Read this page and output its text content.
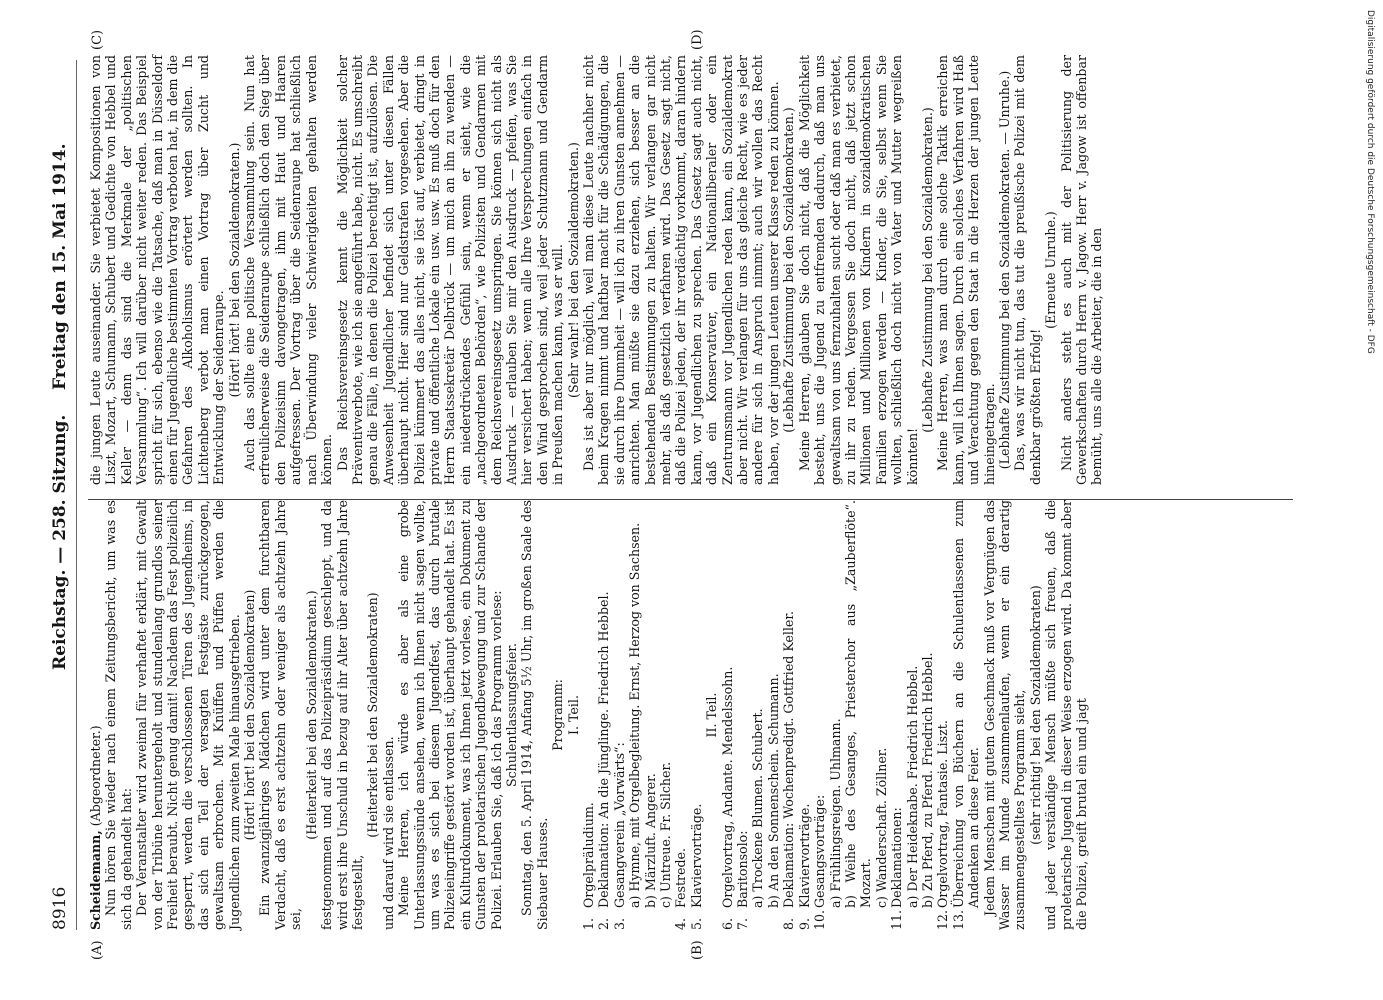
8916
Reichstag. — 258. Sitzung.
Freitag den 15. Mai 1914.
(A)	(B)
(C)	(D)

Scheidemann, (Abgeordneter.) Nun hören Sie wieder nach einem Zeitungsbericht, um was es sich da gehandelt hat: Der Veranstalter wird zweimal für verhaftet erklärt, mit Gewalt von der Tribüne heruntergeholt und stundenlang grundlos seiner Freiheit beraubt. Nicht genug damit! Nachdem das Fest polizeilich gesperrt, werden die verschlossenen Türen des Jugendheims, in das sich ein Teil der versagten Festgäste zurückgezogen, gewaltsam erbrochen. Mit Knüffen und Püffen werden die Jugendlichen zum zweiten Male hinausgetrieben. (Hört! hört! bei den Sozialdemokraten) Ein zwanzigjähriges Mädchen wird unter dem furchtbaren Verdacht, daß es erst achtzehn oder weniger als achtzehn Jahre sei,

(Heiterkeit bei den Sozialdemokraten.) festgenommen und auf das Polizeipräsidium geschleppt, und da wird erst ihre Unschuld in bezug auf ihr Alter über achtzehn Jahre festgestellt,

(Heiterkeit bei den Sozialdemokraten) und darauf wird sie entlassen. Meine Herren, ich würde es aber als eine grobe Unterlassungssünde ansehen, wenn ich Ihnen nicht sagen wollte, um was es sich bei diesem Jugendfest, das durch brutale Polizeieingriffe gestört worden ist, überhaupt gehandelt hat. Es ist ein Kulturdokument, was ich Ihnen jetzt vorlese, ein Dokument zu Gunsten der proletarischen Jugendbewegung und zur Schande der Polizei. Erlauben Sie, daß ich das Programm vorlese: Schulentlassungsfeier. Sonntag, den 5. April 1914, Anfang 5½ Uhr, im großen Saale des Siebauer Hauses.

Programm: I. Teil.

1.
Orgelpräludium.
2.
Deklamation: An die Jünglinge. Friedrich Hebbel.
3.
Gesangverein „Vorwärts“: a) Hymne, mit Orgelbegleitung. Ernst, Herzog von Sachsen. b) Märzluft. Angerer. c) Untreue. Fr. Silcher.
4.
Festrede.
5.
Klaviervorträge.

II. Teil.

6.
Orgelvortrag, Andante. Mendelssohn.
7.
Baritonsolo: a) Trockene Blumen. Schubert. b) An den Sonnenschein. Schumann.
8.
Deklamation: Wochenpredigt. Gottfried Keller.
9.
Klaviervorträge.
10.
Gesangsvorträge: a) Frühlingsreigen. Uhlmann. b) Weihe des Gesanges, Priesterchor aus „Zauberflöte“. Mozart. c) Wanderschaft. Zöllner.
11.
Deklamationen: a) Der Heideknabe. Friedrich Hebbel. b) Zu Pferd, zu Pferd. Friedrich Hebbel.
12.
Orgelvortrag, Fantasie. Liszt.
13.
Überreichung von Büchern an die Schulentlassenen zum Andenken an diese Feier. Jedem Menschen mit gutem Geschmack muß vor Vergnügen das Wasser im Munde zusammenlaufen, wenn er ein derartig zusammengestelltes Programm sieht, (sehr richtig! bei den Sozialdemokraten) und jeder verständige Mensch müßte sich freuen, daß die proletarische Jugend in dieser Weise erzogen wird. Da kommt aber die Polizei, greift brutal ein und jagt

die jungen Leute auseinander. Sie verbietet Kompositionen von Liszt, Mozart, Schumann, Schubert und Gedichte von Hebbel und Keller — denn das sind die Merkmale der „politischen Versammlung“. Ich will darüber nicht weiter reden. Das Beispiel spricht für sich, ebenso wie die Tatsache, daß man in Düsseldorf einen für Jugendliche bestimmten Vortrag verboten hat, in dem die Gefahren des Alkoholismus erörtert werden sollten. In Lichtenberg verbot man einen Vortrag über Zucht und Entwicklung der Seidenraupe. (Hört! hört! bei den Sozialdemokraten.) Auch das sollte eine politische Versammlung sein. Nun hat erfreulicherweise die Seidenraupe schließlich doch den Sieg über den Polizeisinn davongetragen, ihm mit Haut und Haaren aufgefressen. Der Vortrag über die Seidenraupe hat schließlich nach Überwindung vieler Schwierigkeiten gehalten werden können. Das Reichsvereinsgesetz kennt die Möglichkeit solcher Präventivverbote, wie ich sie angeführt habe, nicht. Es umschreibt genau die Fälle, in denen die Polizei berechtigt ist, aufzulösen. Die Anwesenheit Jugendlicher befindet sich unter diesen Fällen überhaupt nicht. Hier sind nur Geldstrafen vorgesehen. Aber die Polizei kümmert das alles nicht, sie löst auf, verbietet, dringt in private und öffentliche Lokale ein usw. usw. Es muß doch für den Herrn Staatssekretär Delbrück — um mich an ihn zu wenden — ein niederdrückendes Gefühl sein, wenn er sieht, wie die „nachgeordneten Behörden“, wie Polizisten und Gendarmen mit dem Reichsvereinsgesetz umspringen. Sie können sich nicht als Ausdruck — erlauben Sie mir den Ausdruck — pfeifen, was Sie hier versichert haben; wenn alle Ihre Versprechungen einfach in den Wind gesprochen sind, weil jeder Schutzmann und Gendarm in Preußen machen kann, was er will. (Sehr wahr! bei den Sozialdemokraten.) Das ist aber nur möglich, weil man diese Leute nachher nicht beim Kragen nimmt und haftbar macht für die Schädigungen, die sie durch ihre Dummheit — will ich zu ihren Gunsten annehmen — anrichten. Man müßte sie dazu erziehen, sich besser an die bestehenden Bestimmungen zu halten. Wir verlangen gar nicht mehr, als daß gesetzlich verfahren wird. Das Gesetz sagt nicht, daß die Polizei jeden, der ihr verdächtig vorkommt, daran hindern kann, vor Jugendlichen zu sprechen. Das Gesetz sagt auch nicht, daß ein Konservativer, ein Nationalliberaler oder ein Zentrumsmann vor Jugendlichen reden kann, ein Sozialdemokrat aber nicht. Wir verlangen für uns das gleiche Recht, wie es jeder andere für sich in Anspruch nimmt; auch wir wollen das Recht haben, vor der jungen Leuten unserer Klasse reden zu können. (Lebhafte Zustimmung bei den Sozialdemokraten.) Meine Herren, glauben Sie doch nicht, daß die Möglichkeit besteht, uns die Jugend zu entfremden dadurch, daß man uns gewaltsam von uns fernzuhalten sucht oder daß man es verbietet, zu ihr zu reden. Vergessen Sie doch nicht, daß jetzt schon Millionen und Millionen von Kindern in sozialdemokratischen Familien erzogen werden — Kinder, die Sie, selbst wenn Sie wollten, schließlich doch nicht von Vater und Mutter wegreißen könnten!

(Lebhafte Zustimmung bei den Sozialdemokraten.) Meine Herren, was man durch eine solche Taktik erreichen kann, will ich Ihnen sagen. Durch ein solches Verfahren wird Haß und Verachtung gegen den Staat in die Herzen der jungen Leute hineingetragen. (Lebhafte Zustimmung bei den Sozialdemokraten. — Unruhe.) Das, was wir nicht tun, das tut die preußische Polizei mit dem denkbar größten Erfolg!

(Erneute Unruhe.) Nicht anders steht es auch mit der Politisierung der Gewerkschaften durch Herrn v. Jagow. Herr v. Jagow ist offenbar bemüht, uns alle die Arbeiter, die in den

Digitalisierung gefördert durch die Deutsche Forschungsgemeinschaft - DFG
